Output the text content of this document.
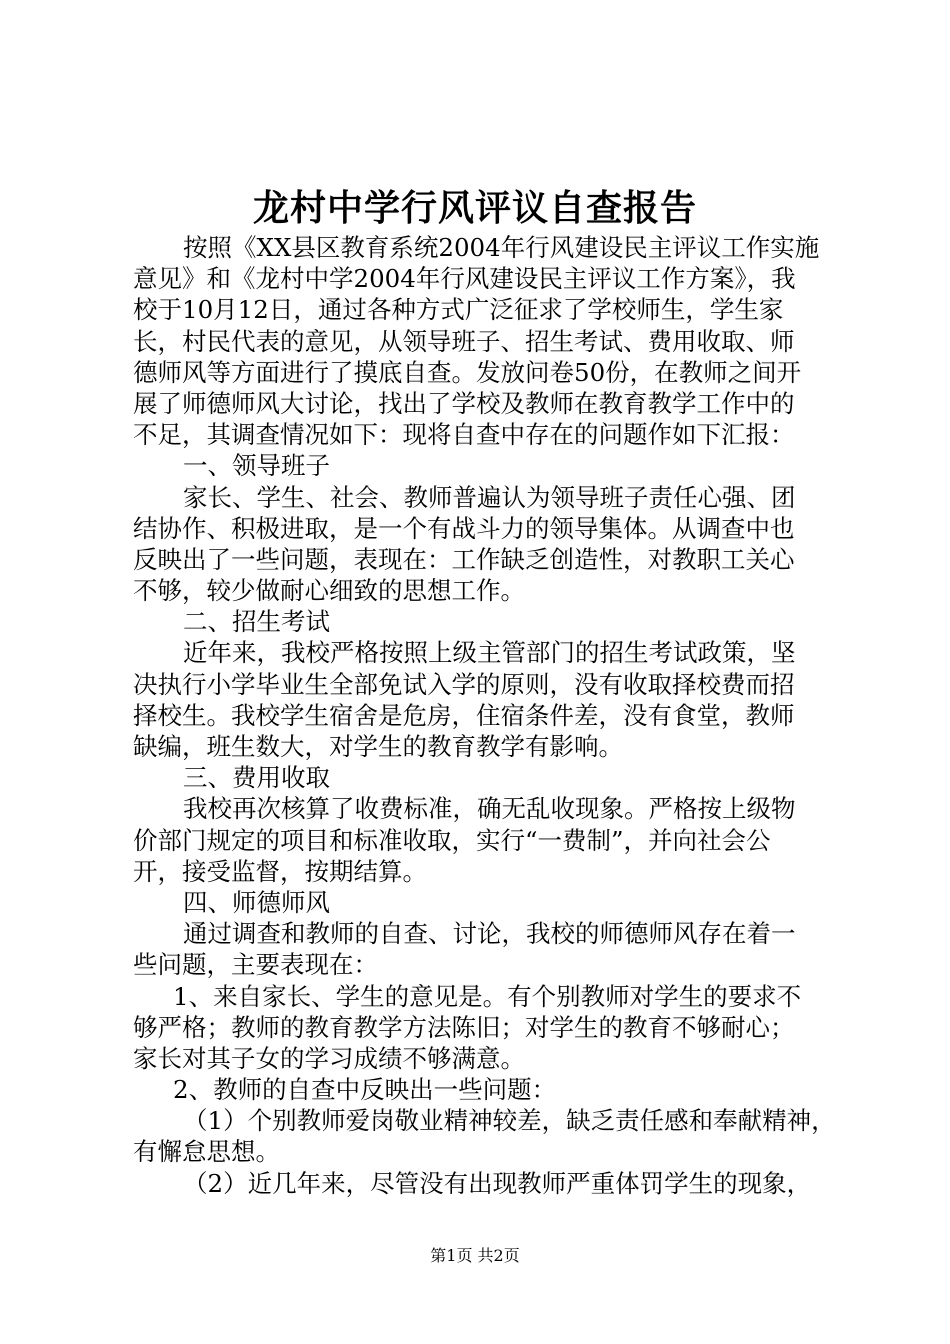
龙村中学行风评议自查报告
按照《XX县区教育系统2004年行风建设民主评议工作实施
意见》和《龙村中学2004年行风建设民主评议工作方案》，我
校于10月12日，通过各种方式广泛征求了学校师生，学生家
长，村民代表的意见，从领导班子、招生考试、费用收取、师
德师风等方面进行了摸底自查。发放问卷50份，在教师之间开
展了师德师风大讨论，找出了学校及教师在教育教学工作中的
不足，其调查情况如下：现将自查中存在的问题作如下汇报：
一、领导班子
家长、学生、社会、教师普遍认为领导班子责任心强、团
结协作、积极进取，是一个有战斗力的领导集体。从调查中也
反映出了一些问题，表现在：工作缺乏创造性，对教职工关心
不够，较少做耐心细致的思想工作。
二、招生考试
近年来，我校严格按照上级主管部门的招生考试政策，坚
决执行小学毕业生全部免试入学的原则，没有收取择校费而招
择校生。我校学生宿舍是危房，住宿条件差，没有食堂，教师
缺编，班生数大，对学生的教育教学有影响。
三、费用收取
我校再次核算了收费标准，确无乱收现象。严格按上级物
价部门规定的项目和标准收取，实行“一费制”，并向社会公
开，接受监督，按期结算。
四、师德师风
通过调查和教师的自查、讨论，我校的师德师风存在着一
些问题，主要表现在：
1、来自家长、学生的意见是。有个别教师对学生的要求不
够严格；教师的教育教学方法陈旧；对学生的教育不够耐心；
家长对其子女的学习成绩不够满意。
2、教师的自查中反映出一些问题：
（1）个别教师爱岗敬业精神较差，缺乏责任感和奉献精神，
有懈怠思想。
（2）近几年来，尽管没有出现教师严重体罚学生的现象，
第1页 共2页
